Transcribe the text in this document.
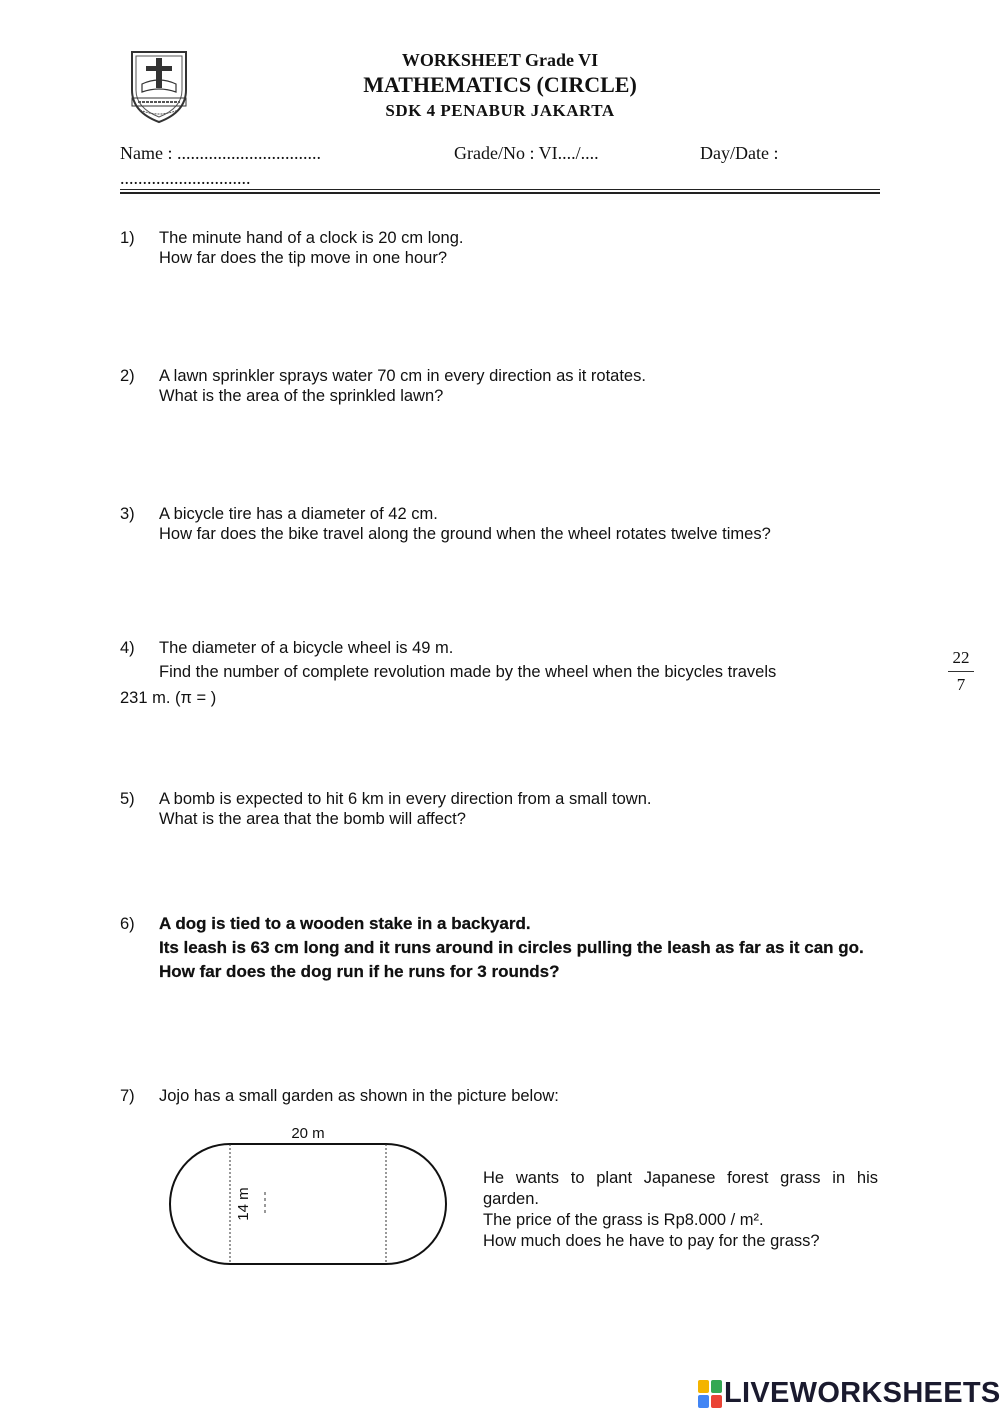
WORKSHEET Grade VI
MATHEMATICS (CIRCLE)
SDK 4 PENABUR JAKARTA
Name : ................................	Grade/No : VI..../....	Day/Date :
.............................
1) The minute hand of a clock is 20 cm long.
How far does the tip move in one hour?
2) A lawn sprinkler sprays water 70 cm in every direction as it rotates.
What is the area of the sprinkled lawn?
3) A bicycle tire has a diameter of 42 cm.
How far does the bike travel along the ground when the wheel rotates twelve times?
4) The diameter of a bicycle wheel is 49 m.
Find the number of complete revolution made by the wheel when the bicycles travels
231 m. (π = )
22
7
5) A bomb is expected to hit 6 km in every direction from a small town.
What is the area that the bomb will affect?
6) A dog is tied to a wooden stake in a backyard.
Its leash is 63 cm long and it runs around in circles pulling the leash as far as it can go.
How far does the dog run if he runs for 3 rounds?
7) Jojo has a small garden as shown in the picture below:
20 m
14 m
He wants to plant Japanese forest grass in his garden.
The price of the grass is Rp8.000 / m².
How much does he have to pay for the grass?
LIVEWORKSHEETS
